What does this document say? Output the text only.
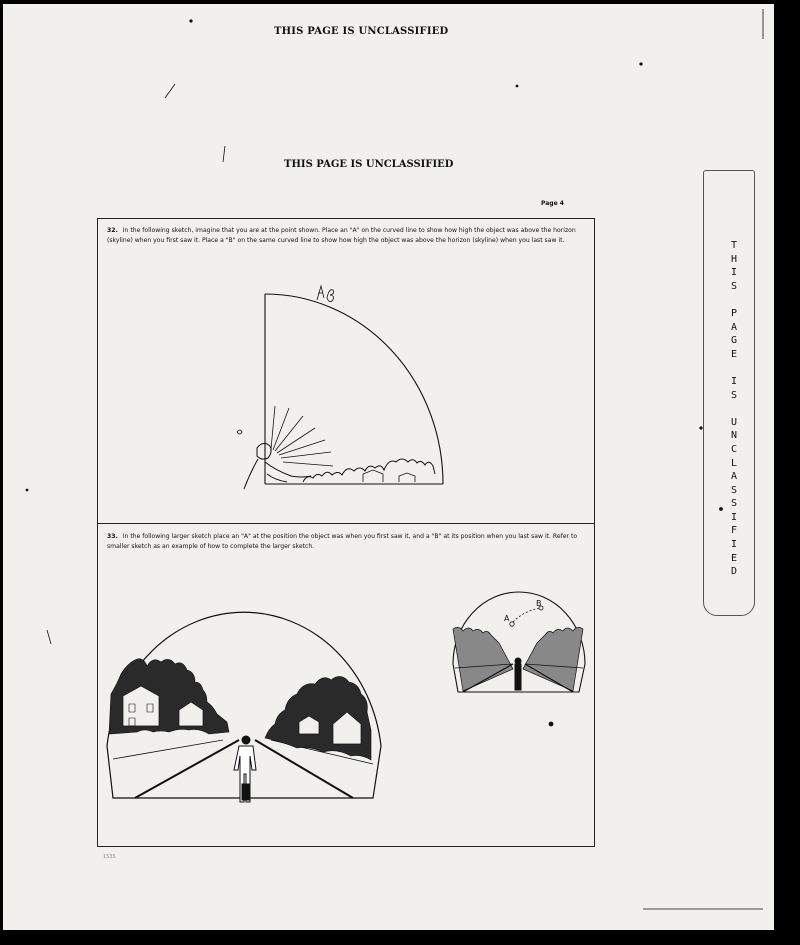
THIS PAGE IS UNCLASSIFIED
THIS PAGE IS UNCLASSIFIED
Page 4
32. In the following sketch, imagine that you are at the point shown. Place an "A" on the curved line to show how high the object was above the horizon (skyline) when you first saw it. Place a "B" on the same curved line to show how high the object was above the horizon (skyline) when you last saw it.
33. In the following larger sketch place an "A" at the position the object was when you first saw it, and a "B" at its position when you last saw it. Refer to smaller sketch as an example of how to complete the larger sketch.
T
H
I
S
P
A
G
E
I
S
U
N
C
L
A
S
S
I
F
I
E
D
1535
A
B
